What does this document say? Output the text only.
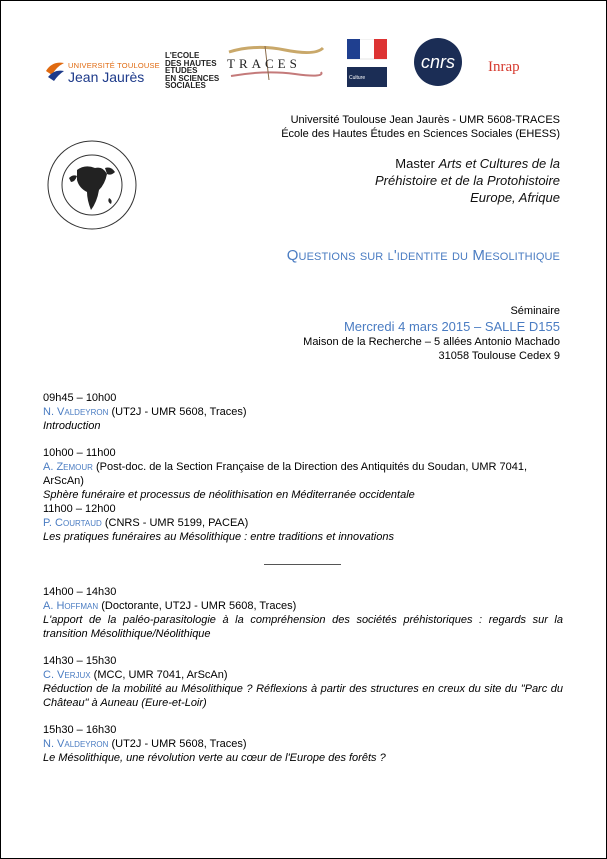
UNIVERSITÉ TOULOUSE
Jean Jaurès
L'ECOLE
DES HAUTES
ETUDES
EN SCIENCES
SOCIALES
TRACES
Culture
cnrs	Inrap
Université Toulouse Jean Jaurès - UMR 5608-TRACES
École des Hautes Études en Sciences Sociales (EHESS)
Master Arts et Cultures de la
Préhistoire et de la Protohistoire
Europe, Afrique
Questions sur l'identite du Mesolithique
Séminaire
Mercredi 4 mars 2015 – SALLE D155
Maison de la Recherche – 5 allées Antonio Machado
31058 Toulouse Cedex 9
09h45 – 10h00
N. Valdeyron (UT2J - UMR 5608, Traces)
Introduction
10h00 – 11h00
A. Zemour (Post-doc. de la Section Française de la Direction des Antiquités du Soudan, UMR 7041, ArScAn)
Sphère funéraire et processus de néolithisation en Méditerranée occidentale
11h00 – 12h00
P. Courtaud (CNRS - UMR 5199, PACEA)
Les pratiques funéraires au Mésolithique : entre traditions et innovations
14h00 – 14h30
A. Hoffman (Doctorante, UT2J - UMR 5608, Traces)
L'apport de la paléo-parasitologie à la compréhension des sociétés préhistoriques : regards sur la transition Mésolithique/Néolithique
14h30 – 15h30
C. Verjux (MCC, UMR 7041, ArScAn)
Réduction de la mobilité au Mésolithique ? Réflexions à partir des structures en creux du site du "Parc du Château" à Auneau (Eure-et-Loir)
15h30 – 16h30
N. Valdeyron (UT2J - UMR 5608, Traces)
Le Mésolithique, une révolution verte au cœur de l'Europe des forêts ?
